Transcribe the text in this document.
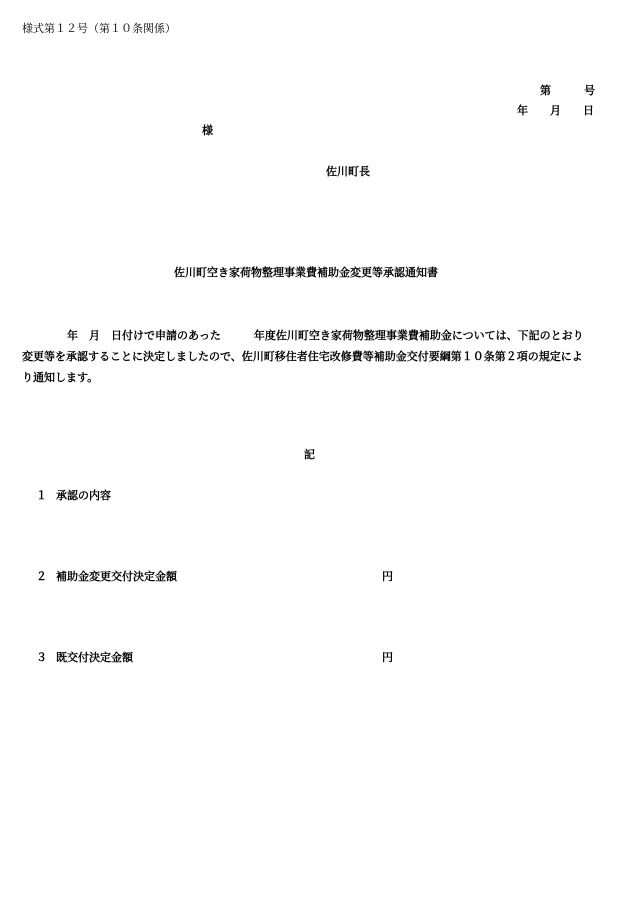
様式第１２号（第１０条関係）
第　　　号
年　　月　　日
様
佐川町長
佐川町空き家荷物整理事業費補助金変更等承認通知書
年　月　日付けで申請のあった　　　年度佐川町空き家荷物整理事業費補助金については、下記のとおり
変更等を承認することに決定しましたので、佐川町移住者住宅改修費等補助金交付要綱第１０条第２項の規定によ
り通知します。
記
１ 承認の内容
２ 補助金変更交付決定金額	円
３ 既交付決定金額	円
